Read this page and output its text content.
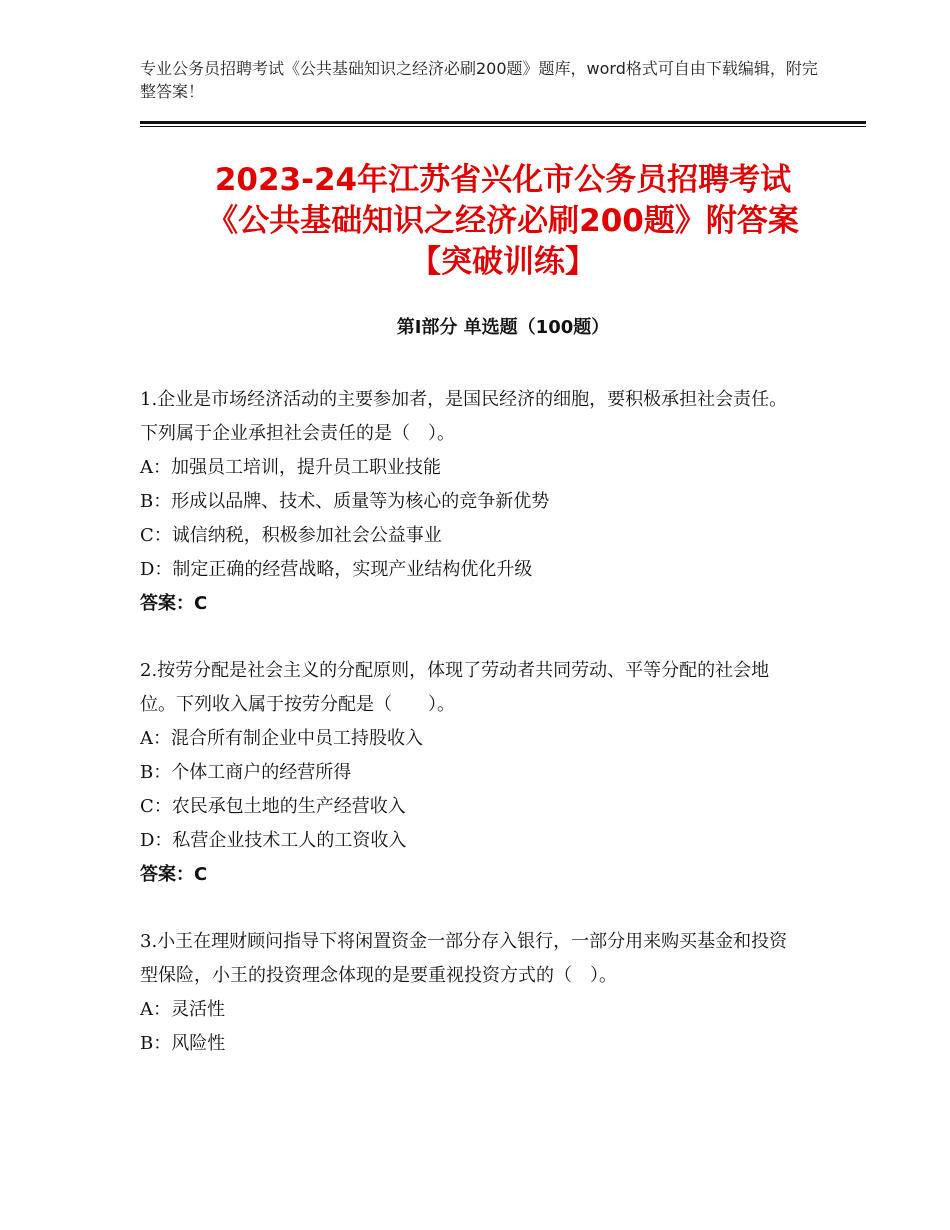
专业公务员招聘考试《公共基础知识之经济必刷200题》题库，word格式可自由下载编辑，附完整答案！
2023-24年江苏省兴化市公务员招聘考试
《公共基础知识之经济必刷200题》附答案
【突破训练】
第Ⅰ部分 单选题（100题）
1.企业是市场经济活动的主要参加者，是国民经济的细胞，要积极承担社会责任。下列属于企业承担社会责任的是（　）。
A：加强员工培训，提升员工职业技能
B：形成以品牌、技术、质量等为核心的竞争新优势
C：诚信纳税，积极参加社会公益事业
D：制定正确的经营战略，实现产业结构优化升级
答案：C
2.按劳分配是社会主义的分配原则，体现了劳动者共同劳动、平等分配的社会地位。下列收入属于按劳分配是（　　）。
A：混合所有制企业中员工持股收入
B：个体工商户的经营所得
C：农民承包土地的生产经营收入
D：私营企业技术工人的工资收入
答案：C
3.小王在理财顾问指导下将闲置资金一部分存入银行，一部分用来购买基金和投资型保险，小王的投资理念体现的是要重视投资方式的（　）。
A：灵活性
B：风险性
